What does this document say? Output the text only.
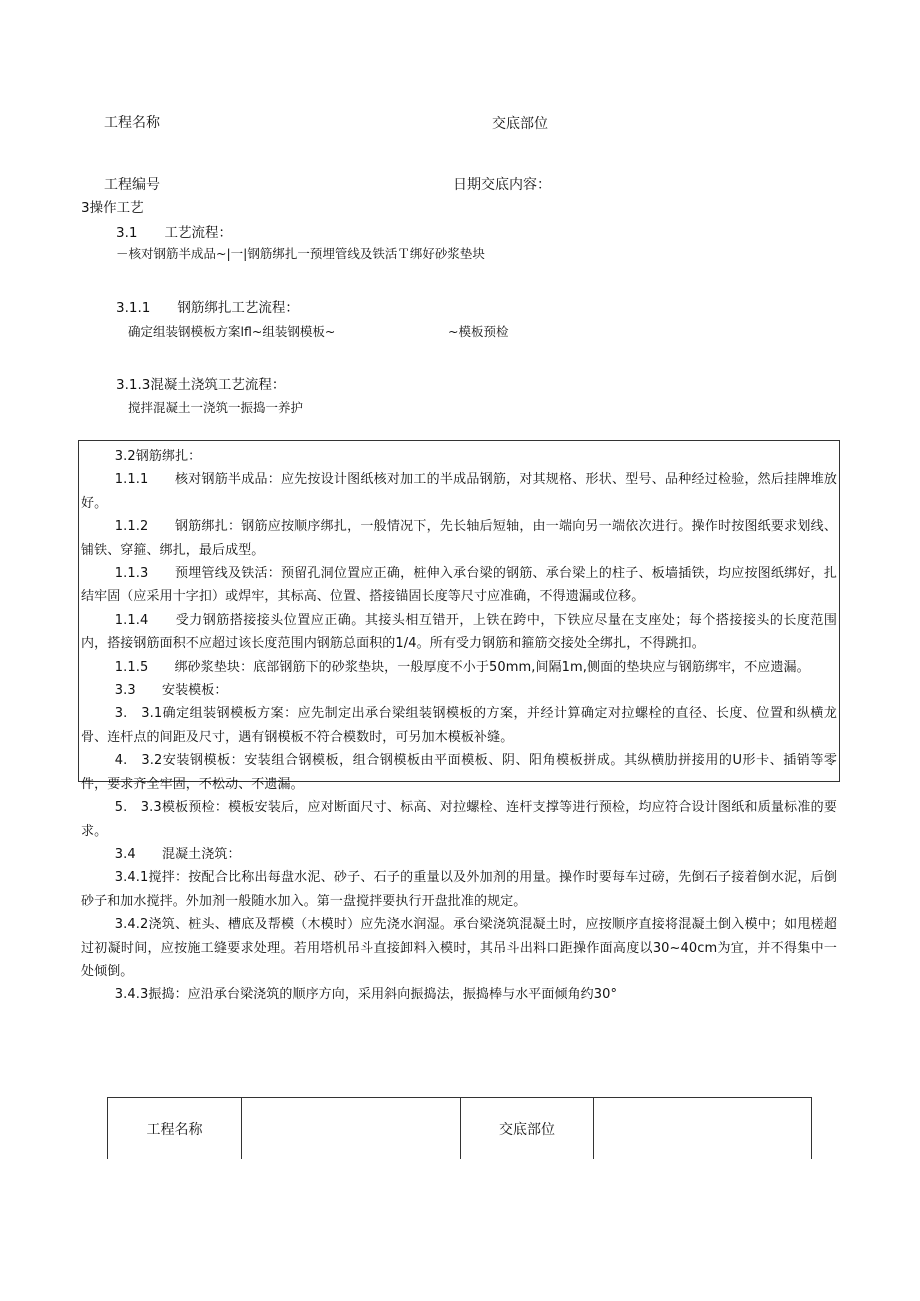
工程名称	交底部位
工程编号	日期交底内容：
3操作工艺
3.1　　工艺流程：
－核对钢筋半成品~|一|钢筋绑扎一预埋管线及铁活Ｔ绑好砂浆垫块
3.1.1　　钢筋绑扎工艺流程：
确定组装钢模板方案lfl~组装钢模板~	~模板预检
3.1.3混凝土浇筑工艺流程：
搅拌混凝土一浇筑一振捣一养护

3.2钢筋绑扎：

1.1.1　　核对钢筋半成品：应先按设计图纸核对加工的半成品钢筋，对其规格、形状、型号、品种经过检验，然后挂牌堆放好。

1.1.2　　钢筋绑扎：钢筋应按顺序绑扎，一般情况下，先长轴后短轴，由一端向另一端依次进行。操作时按图纸要求划线、铺铁、穿箍、绑扎，最后成型。

1.1.3　　预埋管线及铁活：预留孔洞位置应正确，桩伸入承台梁的钢筋、承台梁上的柱子、板墙插铁，均应按图纸绑好，扎结牢固（应采用十字扣）或焊牢，其标高、位置、搭接锚固长度等尺寸应准确，不得遗漏或位移。

1.1.4　　受力钢筋搭接接头位置应正确。其接头相互错开，上铁在跨中，下铁应尽量在支座处；每个搭接接头的长度范围内，搭接钢筋面积不应超过该长度范围内钢筋总面积的1/4。所有受力钢筋和箍筋交接处全绑扎，不得跳扣。

1.1.5　　绑砂浆垫块：底部钢筋下的砂浆垫块，一般厚度不小于50mm,间隔1m,侧面的垫块应与钢筋绑牢，不应遗漏。

3.3　　安装模板：

3.　3.1确定组装钢模板方案：应先制定出承台梁组装钢模板的方案，并经计算确定对拉螺栓的直径、长度、位置和纵横龙骨、连杆点的间距及尺寸，遇有钢模板不符合模数时，可另加木模板补缝。

4.　3.2安装钢模板：安装组合钢模板，组合钢模板由平面模板、阴、阳角模板拼成。其纵横肋拼接用的U形卡、插销等零件，要求齐全牢固，不松动、不遗漏。

5.　3.3模板预检：模板安装后，应对断面尺寸、标高、对拉螺栓、连杆支撑等进行预检，均应符合设计图纸和质量标准的要求。

3.4　　混凝土浇筑：

3.4.1搅拌：按配合比称出每盘水泥、砂子、石子的重量以及外加剂的用量。操作时要每车过磅，先倒石子接着倒水泥，后倒砂子和加水搅拌。外加剂一般随水加入。第一盘搅拌要执行开盘批准的规定。

3.4.2浇筑、桩头、槽底及帮模（木模时）应先浇水润湿。承台梁浇筑混凝土时，应按顺序直接将混凝土倒入模中；如甩槎超过初凝时间，应按施工缝要求处理。若用塔机吊斗直接卸料入模时，其吊斗出料口距操作面高度以30~40cm为宜，并不得集中一处倾倒。

3.4.3振捣：应沿承台梁浇筑的顺序方向，采用斜向振捣法，振捣棒与水平面倾角约30°

工程名称		交底部位	
